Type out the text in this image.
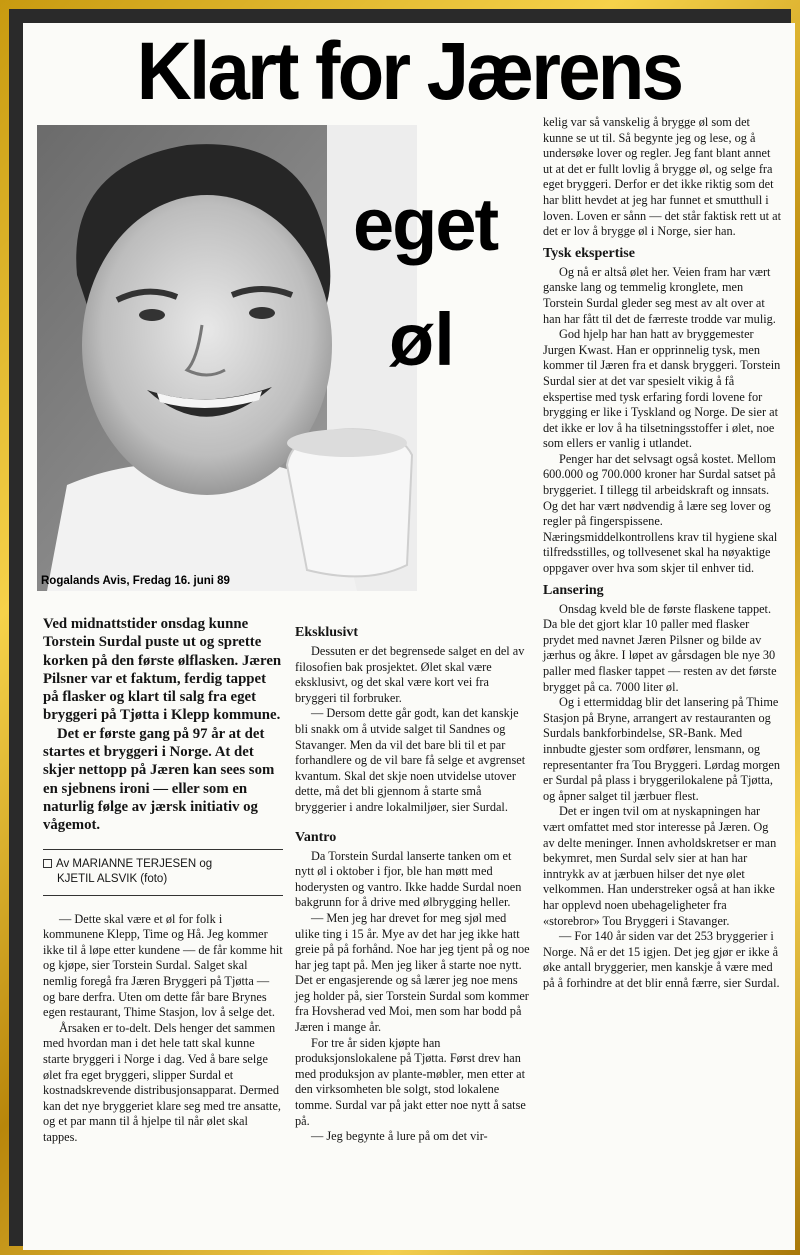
Klart for Jærens
eget
øl
Rogalands Avis, Fredag 16. juni 89

Ved midnattstider onsdag kunne Torstein Surdal puste ut og sprette korken på den første ølflasken. Jæren Pilsner var et faktum, ferdig tappet på flasker og klart til salg fra eget bryggeri på Tjøtta i Klepp kommune.

Det er første gang på 97 år at det startes et bryggeri i Norge. At det skjer nettopp på Jæren kan sees som en sjebnens ironi — eller som en naturlig følge av jærsk initiativ og vågemot.

Av MARIANNE TERJESEN og
KJETIL ALSVIK (foto)

— Dette skal være et øl for folk i kommunene Klepp, Time og Hå. Jeg kommer ikke til å løpe etter kundene — de får komme hit og kjøpe, sier Torstein Surdal. Salget skal nemlig foregå fra Jæren Bryggeri på Tjøtta — og bare derfra. Uten om dette får bare Brynes egen restaurant, Thime Stasjon, lov å selge det.

Årsaken er to-delt. Dels henger det sammen med hvordan man i det hele tatt skal kunne starte bryggeri i Norge i dag. Ved å bare selge ølet fra eget bryggeri, slipper Surdal et kostnadskrevende distribusjonsapparat. Dermed kan det nye bryggeriet klare seg med tre ansatte, og et par mann til å hjelpe til når ølet skal tappes.

Eksklusivt

Dessuten er det begrensede salget en del av filosofien bak prosjektet. Ølet skal være eksklusivt, og det skal være kort vei fra bryggeri til forbruker.

— Dersom dette går godt, kan det kanskje bli snakk om å utvide salget til Sandnes og Stavanger. Men da vil det bare bli til et par forhandlere og de vil bare få selge et avgrenset kvantum. Skal det skje noen utvidelse utover dette, må det bli gjennom å starte små bryggerier i andre lokalmiljøer, sier Surdal.

Vantro

Da Torstein Surdal lanserte tanken om et nytt øl i oktober i fjor, ble han møtt med hoderysten og vantro. Ikke hadde Surdal noen bakgrunn for å drive med ølbrygging heller.

— Men jeg har drevet for meg sjøl med ulike ting i 15 år. Mye av det har jeg ikke hatt greie på på forhånd. Noe har jeg tjent på og noe har jeg tapt på. Men jeg liker å starte noe nytt. Det er engasjerende og så lærer jeg noe mens jeg holder på, sier Torstein Surdal som kommer fra Hovsherad ved Moi, men som har bodd på Jæren i mange år.

For tre år siden kjøpte han produksjonslokalene på Tjøtta. Først drev han med produksjon av plante-møbler, men etter at den virksomheten ble solgt, stod lokalene tomme. Surdal var på jakt etter noe nytt å satse på.

— Jeg begynte å lure på om det vir-

kelig var så vanskelig å brygge øl som det kunne se ut til. Så begynte jeg og lese, og å undersøke lover og regler. Jeg fant blant annet ut at det er fullt lovlig å brygge øl, og selge fra eget bryggeri. Derfor er det ikke riktig som det har blitt hevdet at jeg har funnet et smutthull i loven. Loven er sånn — det står faktisk rett ut at det er lov å brygge øl i Norge, sier han.

Tysk ekspertise

Og nå er altså ølet her. Veien fram har vært ganske lang og temmelig kronglete, men Torstein Surdal gleder seg mest av alt over at han har fått til det de færreste trodde var mulig.

God hjelp har han hatt av bryggemester Jurgen Kwast. Han er opprinnelig tysk, men kommer til Jæren fra et dansk bryggeri. Torstein Surdal sier at det var spesielt vikig å få ekspertise med tysk erfaring fordi lovene for brygging er like i Tyskland og Norge. De sier at det ikke er lov å ha tilsetningsstoffer i ølet, noe som ellers er vanlig i utlandet.

Penger har det selvsagt også kostet. Mellom 600.000 og 700.000 kroner har Surdal satset på bryggeriet. I tillegg til arbeidskraft og innsats. Og det har vært nødvendig å lære seg lover og regler på fingerspissene. Næringsmiddelkontrollens krav til hygiene skal tilfredsstilles, og tollvesenet skal ha nøyaktige oppgaver over hva som skjer til enhver tid.

Lansering

Onsdag kveld ble de første flaskene tappet. Da ble det gjort klar 10 paller med flasker prydet med navnet Jæren Pilsner og bilde av jærhus og åkre. I løpet av gårsdagen ble nye 30 paller med flasker tappet — resten av det første brygget på ca. 7000 liter øl.

Og i ettermiddag blir det lansering på Thime Stasjon på Bryne, arrangert av restauranten og Surdals bankforbindelse, SR-Bank. Med innbudte gjester som ordfører, lensmann, og representanter fra Tou Bryggeri. Lørdag morgen er Surdal på plass i bryggerilokalene på Tjøtta, og åpner salget til jærbuer flest.

Det er ingen tvil om at nyskapningen har vært omfattet med stor interesse på Jæren. Og av delte meninger. Innen avholdskretser er man bekymret, men Surdal selv sier at han har inntrykk av at jærbuen hilser det nye ølet velkommen. Han understreker også at han ikke har opplevd noen ubehageligheter fra «storebror» Tou Bryggeri i Stavanger.

— For 140 år siden var det 253 bryggerier i Norge. Nå er det 15 igjen. Det jeg gjør er ikke å øke antall bryggerier, men kanskje å være med på å forhindre at det blir ennå færre, sier Surdal.
